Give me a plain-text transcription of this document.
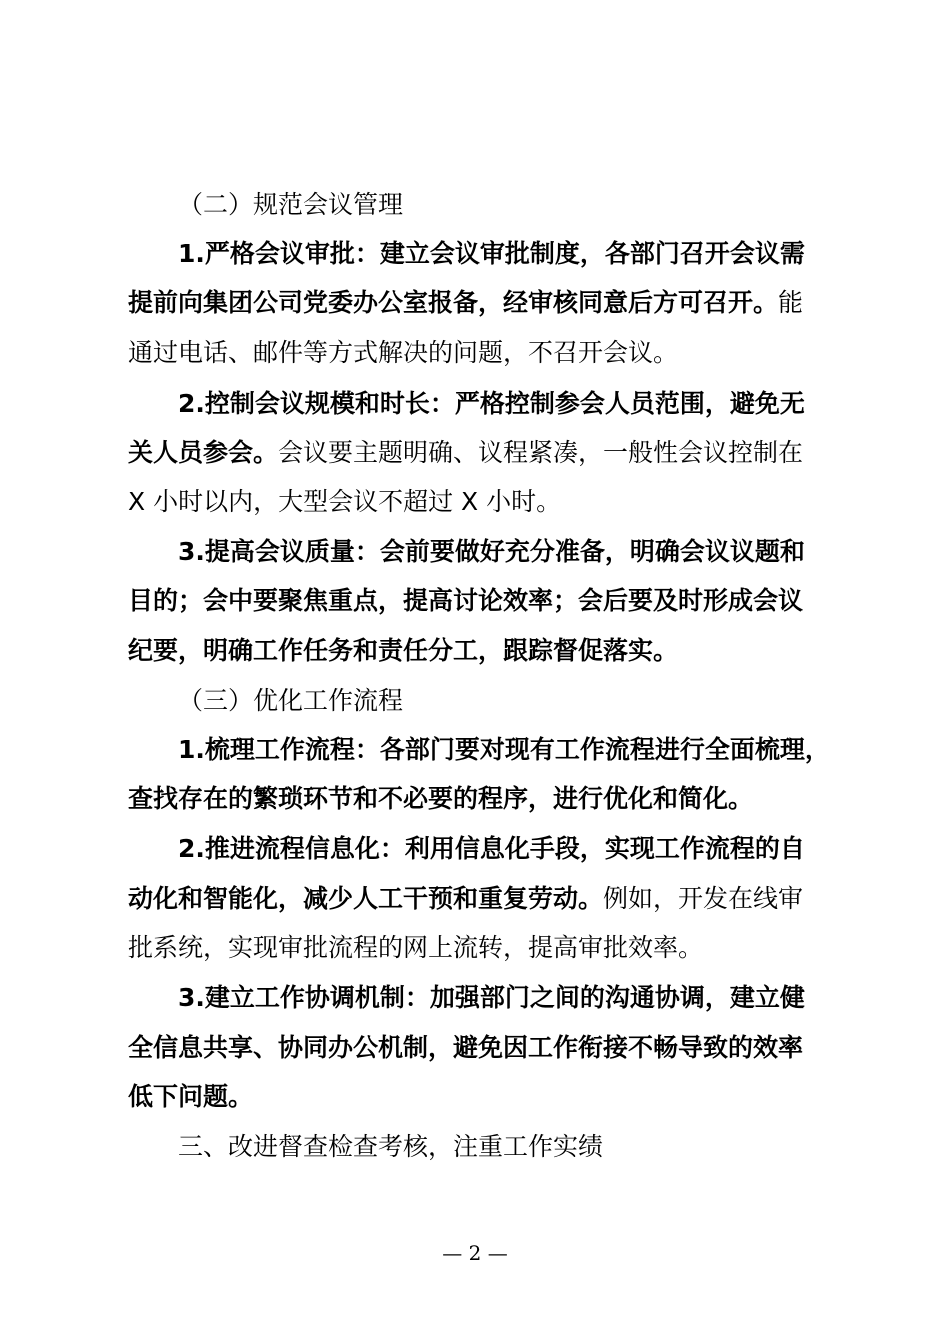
（二）规范会议管理
1.严格会议审批：建立会议审批制度，各部门召开会议需
提前向集团公司党委办公室报备，经审核同意后方可召开。能
通过电话、邮件等方式解决的问题，不召开会议。
2.控制会议规模和时长：严格控制参会人员范围，避免无
关人员参会。会议要主题明确、议程紧凑，一般性会议控制在
X 小时以内，大型会议不超过 X 小时。
3.提高会议质量：会前要做好充分准备，明确会议议题和
目的；会中要聚焦重点，提高讨论效率；会后要及时形成会议
纪要，明确工作任务和责任分工，跟踪督促落实。
（三）优化工作流程
1.梳理工作流程：各部门要对现有工作流程进行全面梳理，
查找存在的繁琐环节和不必要的程序，进行优化和简化。
2.推进流程信息化：利用信息化手段，实现工作流程的自
动化和智能化，减少人工干预和重复劳动。例如，开发在线审
批系统，实现审批流程的网上流转，提高审批效率。
3.建立工作协调机制：加强部门之间的沟通协调，建立健
全信息共享、协同办公机制，避免因工作衔接不畅导致的效率
低下问题。
三、改进督查检查考核，注重工作实绩
— 2 —
